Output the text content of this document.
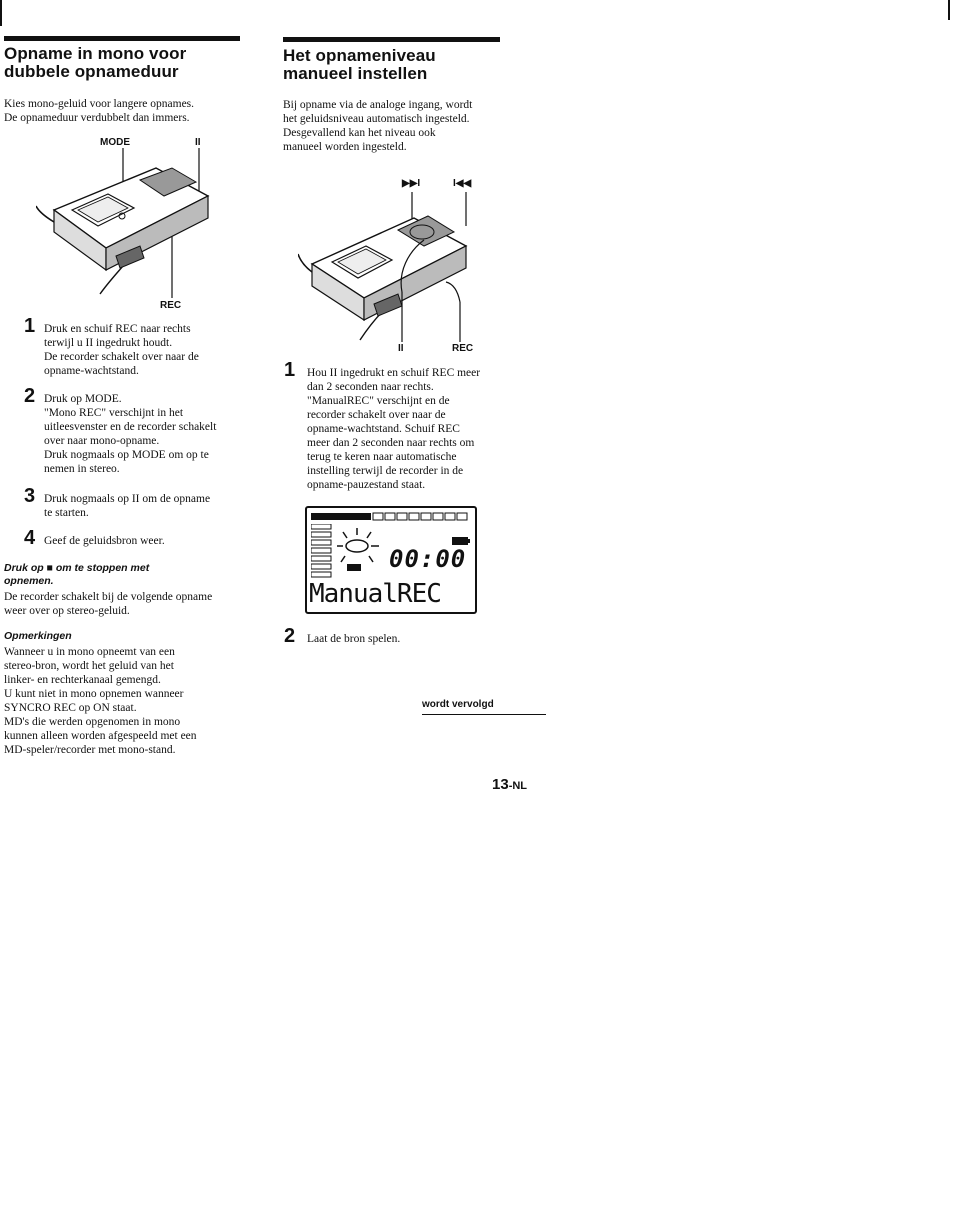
Opname in mono voor
dubbele opnameduur
Kies mono-geluid voor langere opnames.
De opnameduur verdubbelt dan immers.
MODE	II
REC
1 Druk en schuif REC naar rechts
terwijl u II ingedrukt houdt.
De recorder schakelt over naar de
opname-wachtstand.
2 Druk op MODE.
"Mono REC" verschijnt in het
uitleesvenster en de recorder schakelt
over naar mono-opname.
Druk nogmaals op MODE om op te
nemen in stereo.
3 Druk nogmaals op II om de opname
te starten.
4 Geef de geluidsbron weer.
Druk op ■ om te stoppen met
opnemen.
De recorder schakelt bij de volgende opname
weer over op stereo-geluid.
Opmerkingen
Wanneer u in mono opneemt van een
stereo-bron, wordt het geluid van het
linker- en rechterkanaal gemengd.
U kunt niet in mono opnemen wanneer
SYNCRO REC op ON staat.
MD's die werden opgenomen in mono
kunnen alleen worden afgespeeld met een
MD-speler/recorder met mono-stand.
Het opnameniveau
manueel instellen
Bij opname via de analoge ingang, wordt
het geluidsniveau automatisch ingesteld.
Desgevallend kan het niveau ook
manueel worden ingesteld.
▶▶I	I◀◀
II	REC
1 Hou II ingedrukt en schuif REC meer
dan 2 seconden naar rechts.
"ManualREC" verschijnt en de
recorder schakelt over naar de
opname-wachtstand. Schuif REC
meer dan 2 seconden naar rechts om
terug te keren naar automatische
instelling terwijl de recorder in de
opname-pauzestand staat.
00:00
ManualREC
2 Laat de bron spelen.
wordt vervolgd
13-NL
